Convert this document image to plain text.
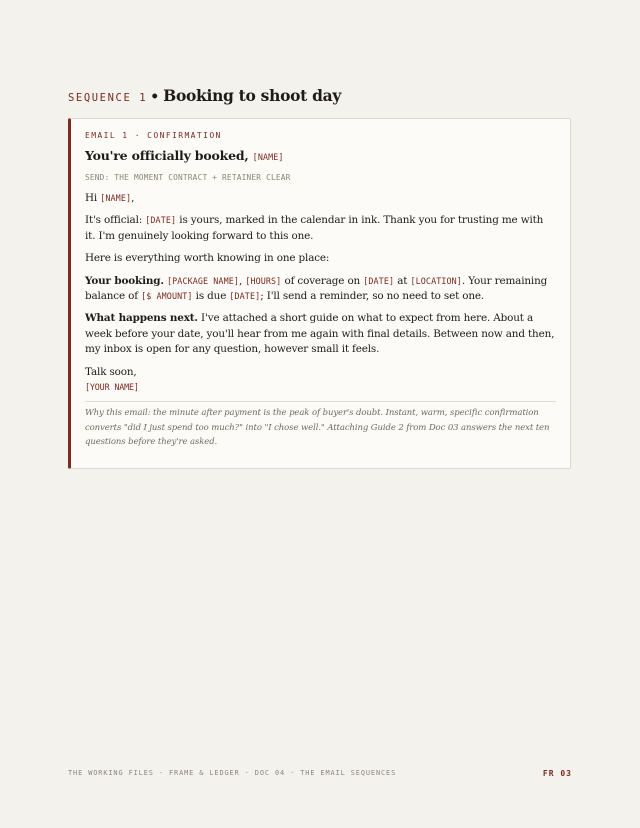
SEQUENCE 1 • Booking to shoot day
EMAIL 1 · CONFIRMATION
You're officially booked, [NAME]
SEND: THE MOMENT CONTRACT + RETAINER CLEAR

Hi [NAME],

It's official: [DATE] is yours, marked in the calendar in ink. Thank you for trusting me with it. I'm genuinely looking forward to this one.

Here is everything worth knowing in one place:

Your booking. [PACKAGE NAME], [HOURS] of coverage on [DATE] at [LOCATION]. Your remaining balance of [$ AMOUNT] is due [DATE]; I'll send a reminder, so no need to set one.

What happens next. I've attached a short guide on what to expect from here. About a week before your date, you'll hear from me again with final details. Between now and then, my inbox is open for any question, however small it feels.

Talk soon,

[YOUR NAME]
Why this email: the minute after payment is the peak of buyer's doubt. Instant, warm, specific confirmation converts "did I just spend too much?" into "I chose well." Attaching Guide 2 from Doc 03 answers the next ten questions before they're asked.
THE WORKING FILES · FRAME & LEDGER · DOC 04 · THE EMAIL SEQUENCES	FR 03
